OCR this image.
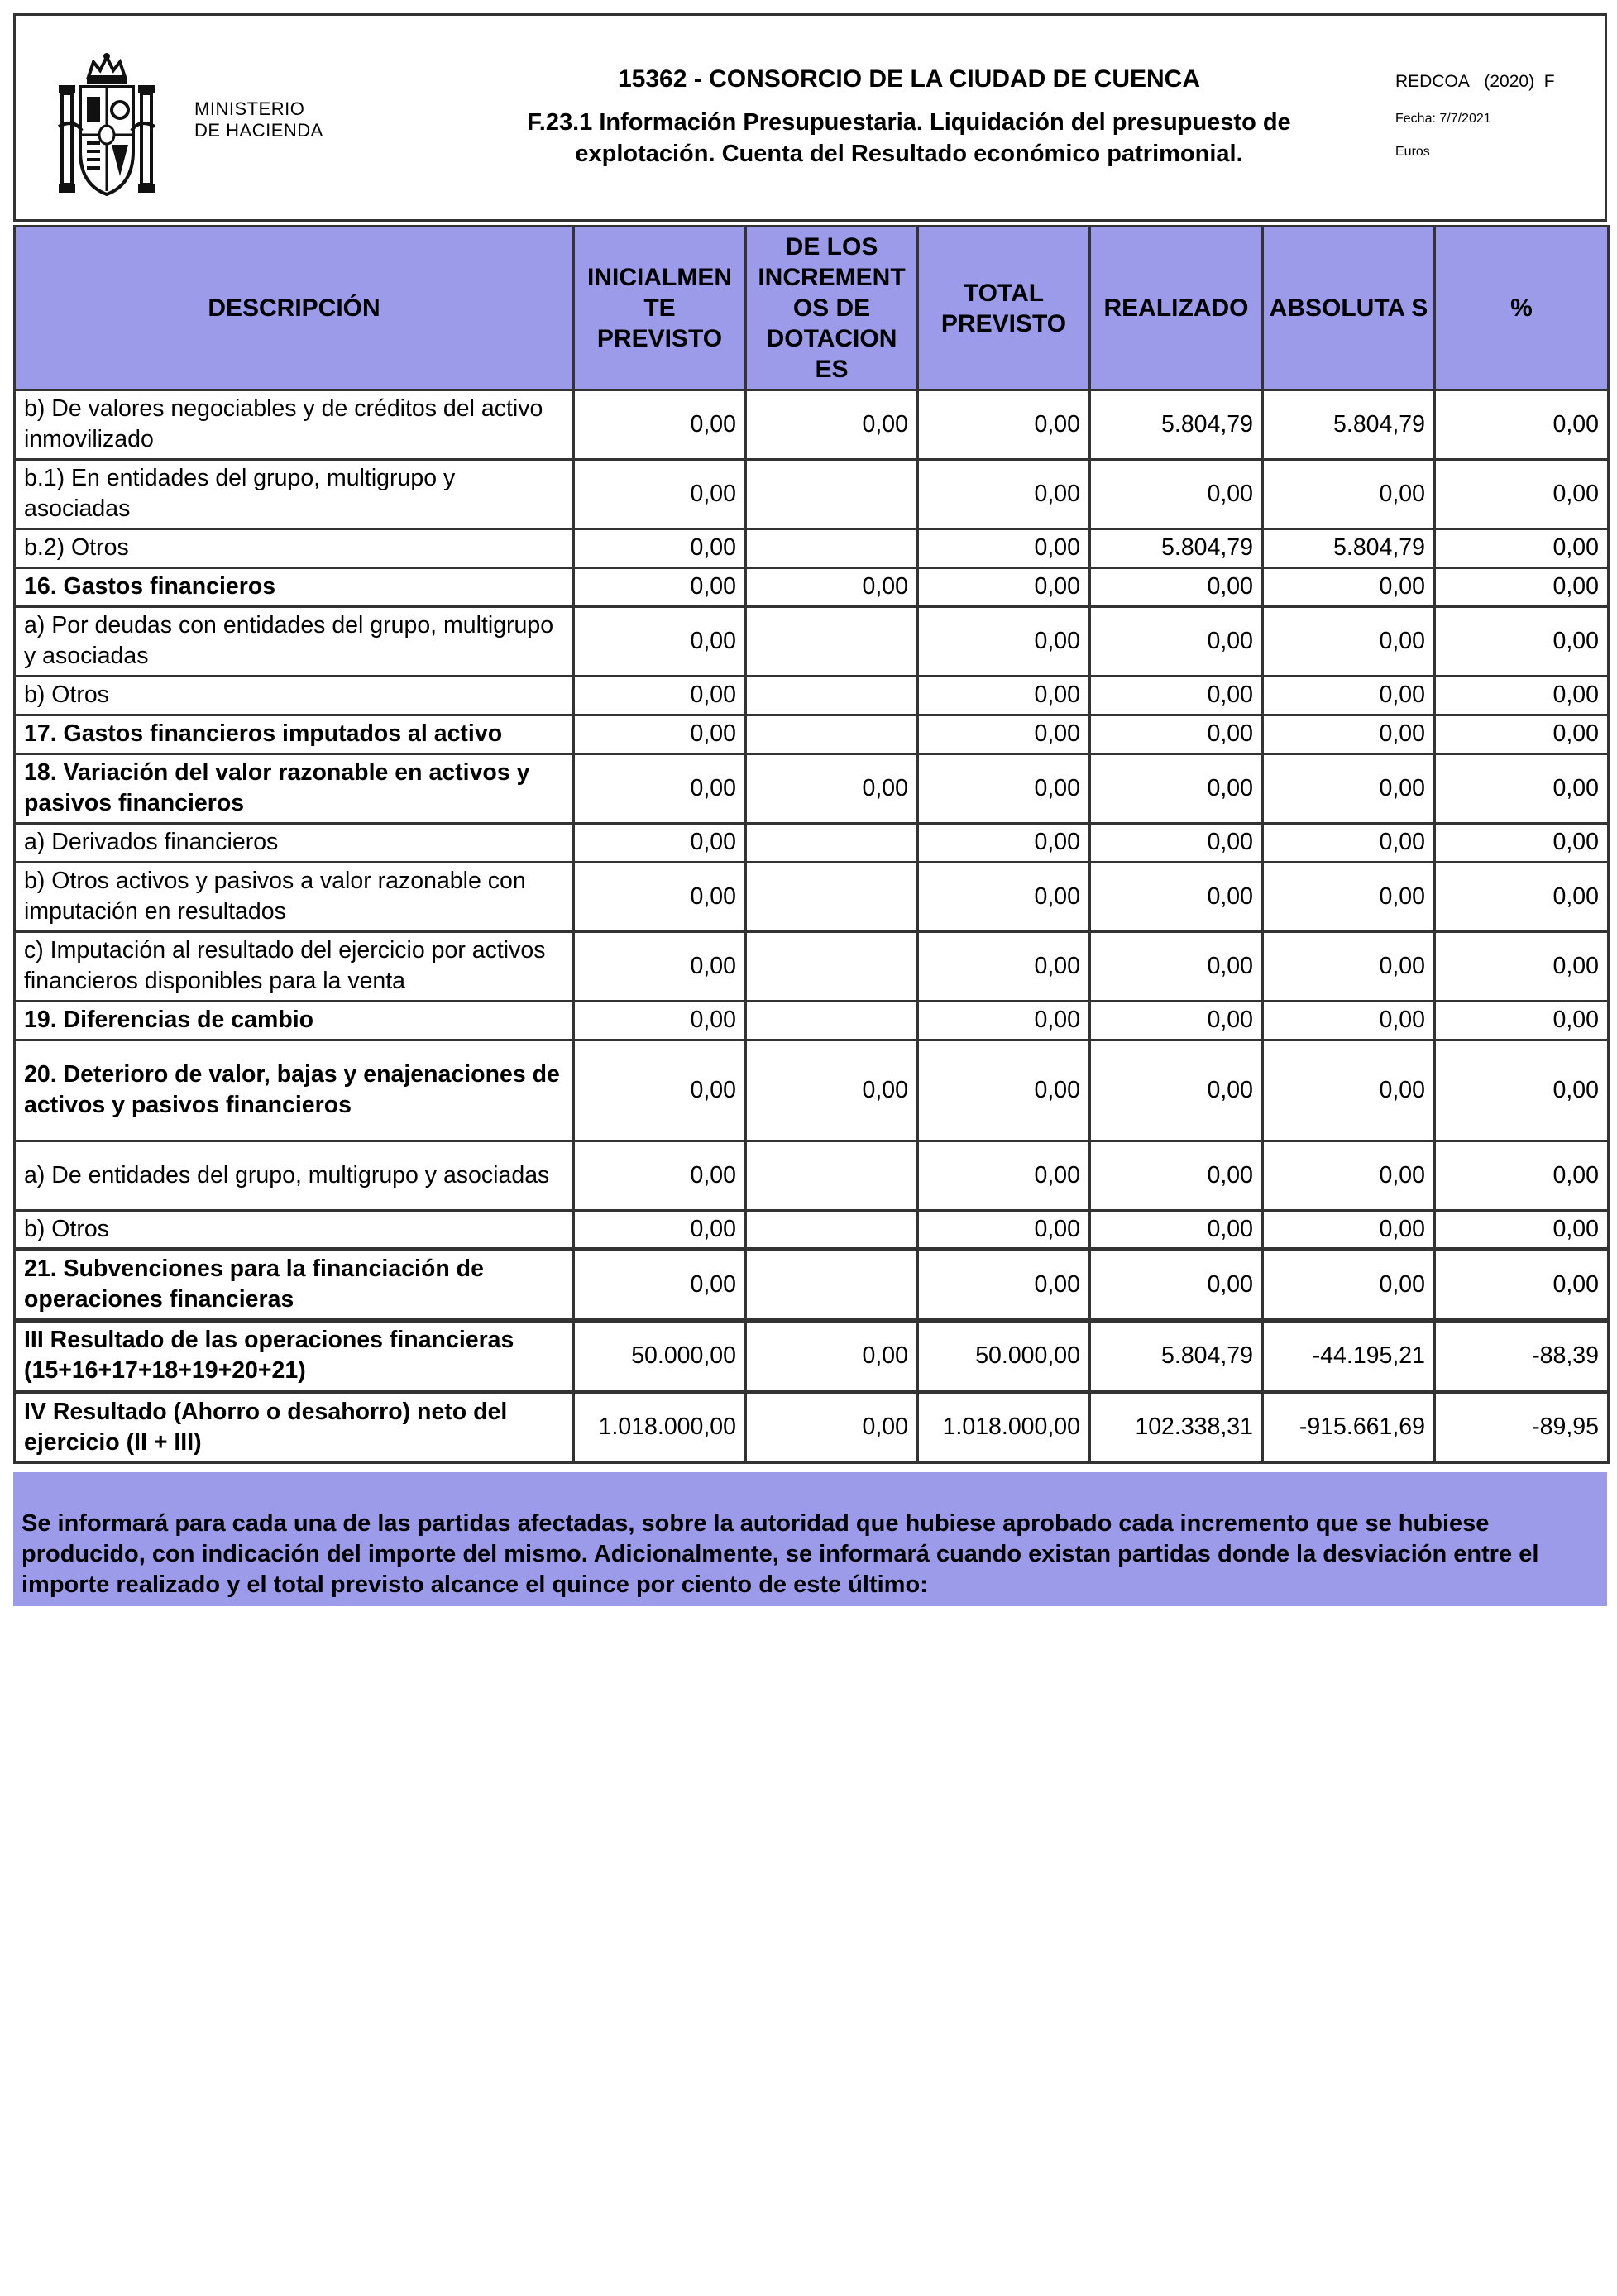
MINISTERIO
DE HACIENDA
15362 - CONSORCIO DE LA CIUDAD DE CUENCA
F.23.1 Información Presupuestaria. Liquidación del presupuesto de
explotación. Cuenta del Resultado económico patrimonial.
REDCOA (2020) F
Fecha: 7/7/2021
Euros
DESCRIPCIÓN	INICIALMEN TE PREVISTO	DE LOS INCREMENT OS DE DOTACION ES	TOTAL PREVISTO	REALIZADO	ABSOLUTA S	%
b) De valores negociables y de créditos del activo inmovilizado	0,00	0,00	0,00	5.804,79	5.804,79	0,00
b.1) En entidades del grupo, multigrupo y asociadas	0,00		0,00	0,00	0,00	0,00
b.2) Otros	0,00		0,00	5.804,79	5.804,79	0,00
16. Gastos financieros	0,00	0,00	0,00	0,00	0,00	0,00
a) Por deudas con entidades del grupo, multigrupo y asociadas	0,00		0,00	0,00	0,00	0,00
b) Otros	0,00		0,00	0,00	0,00	0,00
17. Gastos financieros imputados al activo	0,00		0,00	0,00	0,00	0,00
18. Variación del valor razonable en activos y pasivos financieros	0,00	0,00	0,00	0,00	0,00	0,00
a) Derivados financieros	0,00		0,00	0,00	0,00	0,00
b) Otros activos y pasivos a valor razonable con imputación en resultados	0,00		0,00	0,00	0,00	0,00
c) Imputación al resultado del ejercicio por activos financieros disponibles para la venta	0,00		0,00	0,00	0,00	0,00
19. Diferencias de cambio	0,00		0,00	0,00	0,00	0,00
20. Deterioro de valor, bajas y enajenaciones de activos y pasivos financieros	0,00	0,00	0,00	0,00	0,00	0,00
a) De entidades del grupo, multigrupo y asociadas	0,00		0,00	0,00	0,00	0,00
b) Otros	0,00		0,00	0,00	0,00	0,00
21. Subvenciones para la financiación de operaciones financieras	0,00		0,00	0,00	0,00	0,00
III Resultado de las operaciones financieras (15+16+17+18+19+20+21)	50.000,00	0,00	50.000,00	5.804,79	-44.195,21	-88,39
IV Resultado (Ahorro o desahorro) neto del ejercicio (II + III)	1.018.000,00	0,00	1.018.000,00	102.338,31	-915.661,69	-89,95
Se informará para cada una de las partidas afectadas, sobre la autoridad que hubiese aprobado cada incremento que se hubiese producido, con indicación del importe del mismo. Adicionalmente, se informará cuando existan partidas donde la desviación entre el importe realizado y el total previsto alcance el quince por ciento de este último:
